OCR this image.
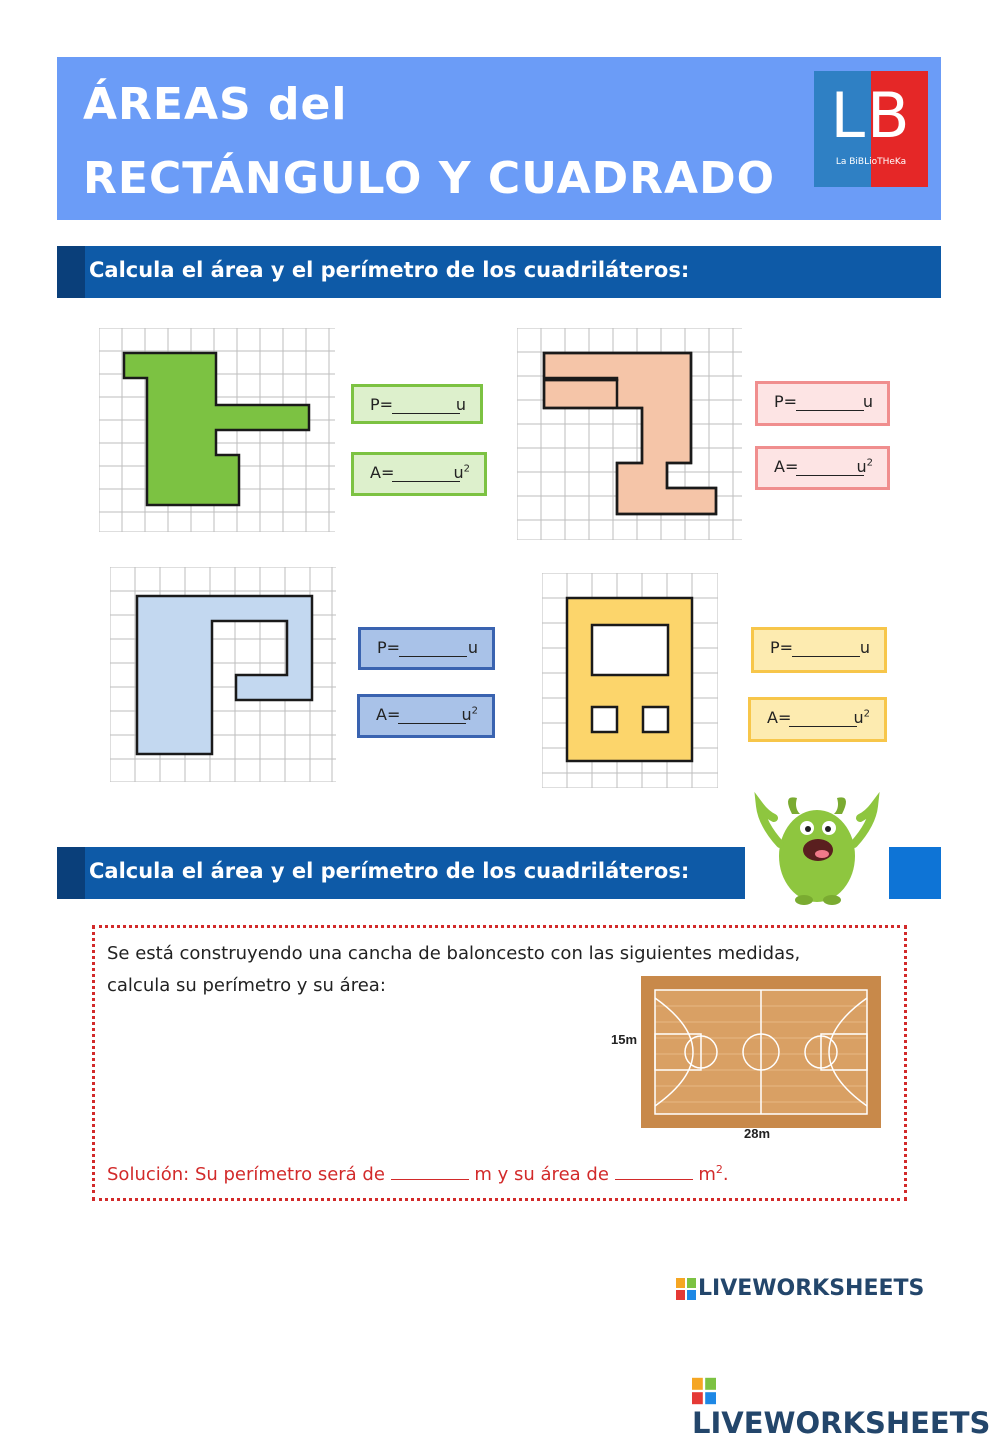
ÁREAS del
RECTÁNGULO Y CUADRADO
LB
La BiBLioTHeKa
Calcula el área y el perímetro de los cuadriláteros:
P=	u
A=	$u^2$
P=	u
A=	$u^2$
P=	u
A=	$u^2$
P=	u
A=	$u^2$
Calcula el área y el perímetro de los cuadriláteros:
Se está construyendo una cancha de baloncesto con las siguientes medidas,
calcula su perímetro y su área:
Solución: Su perímetro será de	m y su área de	$m^2$.
15m
28m
LIVEWORKSHEETS
LIVEWORKSHEETS
